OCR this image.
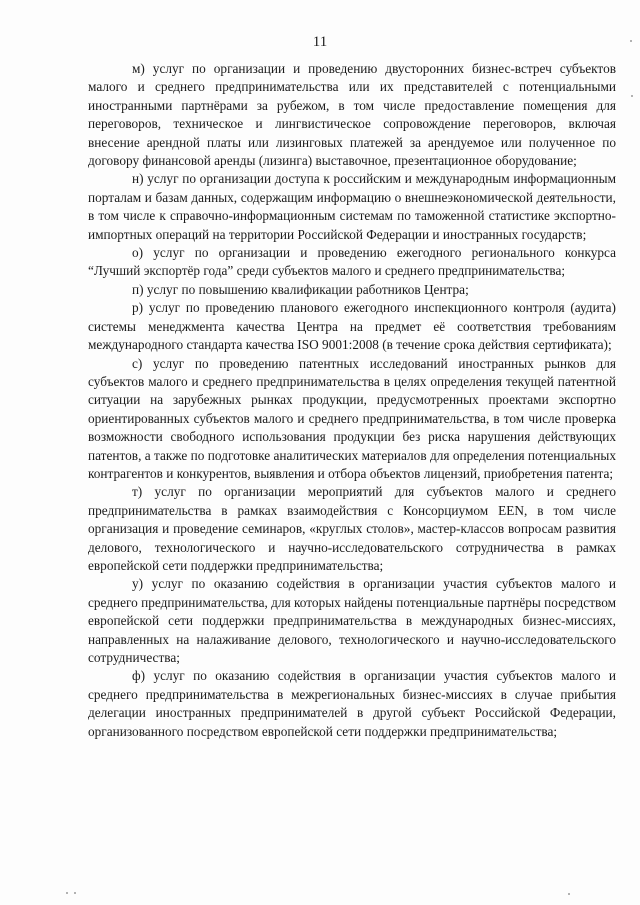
11

м) услуг по организации и проведению двусторонних бизнес-встреч субъектов малого и среднего предпринимательства или их представителей с потенциальными иностранными партнёрами за рубежом, в том числе предоставление помещения для переговоров, техническое и лингвистическое сопровождение переговоров, включая внесение арендной платы или лизинговых платежей за арендуемое или полученное по договору финансовой аренды (лизинга) выставочное, презентационное оборудование;

н) услуг по организации доступа к российским и международным информационным порталам и базам данных, содержащим информацию о внешнеэкономической деятельности, в том числе к справочно-информационным системам по таможенной статистике экспортно-импортных операций на территории Российской Федерации и иностранных государств;

о) услуг по организации и проведению ежегодного регионального конкурса “Лучший экспортёр года” среди субъектов малого и среднего предпринимательства;

п) услуг по повышению квалификации работников Центра;

р) услуг по проведению планового ежегодного инспекционного контроля (аудита) системы менеджмента качества Центра на предмет её соответствия требованиям международного стандарта качества ISO 9001:2008 (в течение срока действия сертификата);

с) услуг по проведению патентных исследований иностранных рынков для субъектов малого и среднего предпринимательства в целях определения текущей патентной ситуации на зарубежных рынках продукции, предусмотренных проектами экспортно ориентированных субъектов малого и среднего предпринимательства, в том числе проверка возможности свободного использования продукции без риска нарушения действующих патентов, а также по подготовке аналитических материалов для определения потенциальных контрагентов и конкурентов, выявления и отбора объектов лицензий, приобретения патента;

т) услуг по организации мероприятий для субъектов малого и среднего предпринимательства в рамках взаимодействия с Консорциумом EEN, в том числе организация и проведение семинаров, «круглых столов», мастер-классов вопросам развития делового, технологического и научно-исследовательского сотрудничества в рамках европейской сети поддержки предпринимательства;

у) услуг по оказанию содействия в организации участия субъектов малого и среднего предпринимательства, для которых найдены потенциальные партнёры посредством европейской сети поддержки предпринимательства в международных бизнес-миссиях, направленных на налаживание делового, технологического и научно-исследовательского сотрудничества;

ф) услуг по оказанию содействия в организации участия субъектов малого и среднего предпринимательства в межрегиональных бизнес-миссиях в случае прибытия делегации иностранных предпринимателей в другой субъект Российской Федерации, организованного посредством европейской сети поддержки предпринимательства;
